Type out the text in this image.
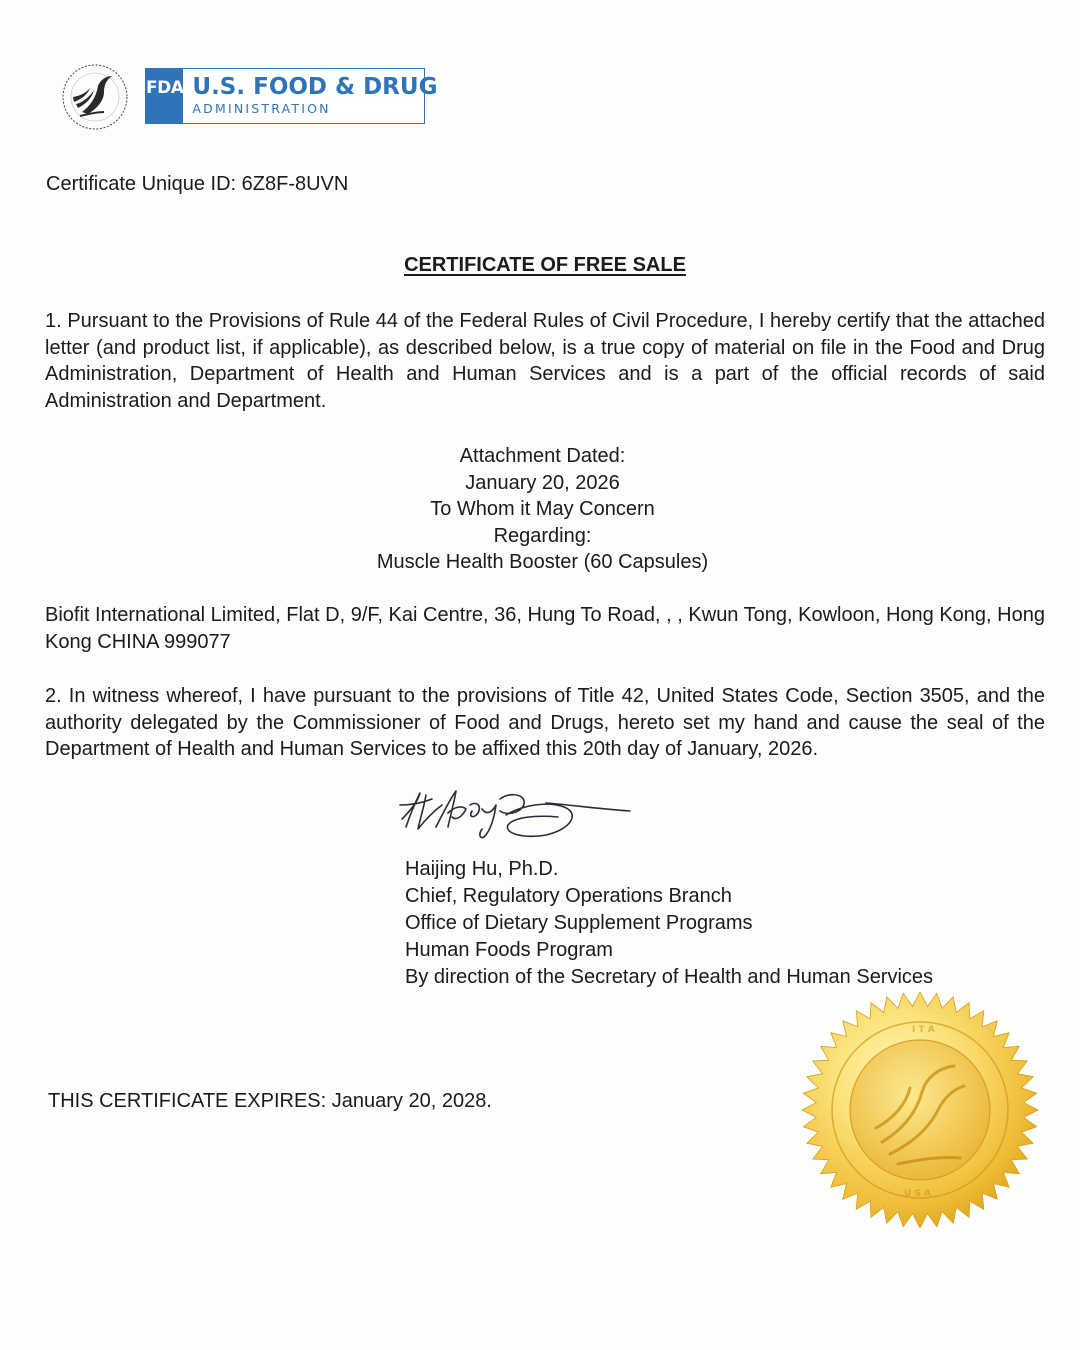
FDA U.S. FOOD & DRUG
ADMINISTRATION
Certificate Unique ID: 6Z8F-8UVN
CERTIFICATE OF FREE SALE
1. Pursuant to the Provisions of Rule 44 of the Federal Rules of Civil Procedure, I hereby certify that the attached letter (and product list, if applicable), as described below, is a true copy of material on file in the Food and Drug Administration, Department of Health and Human Services and is a part of the official records of said Administration and Department.
Attachment Dated:
January 20, 2026
To Whom it May Concern
Regarding:
Muscle Health Booster (60 Capsules)
Biofit International Limited, Flat D, 9/F, Kai Centre, 36, Hung To Road, , , Kwun Tong, Kowloon, Hong Kong, Hong Kong CHINA 999077
2. In witness whereof, I have pursuant to the provisions of Title 42, United States Code, Section 3505, and the authority delegated by the Commissioner of Food and Drugs, hereto set my hand and cause the seal of the Department of Health and Human Services to be affixed this 20th day of January, 2026.
Haijing Hu, Ph.D.
Chief, Regulatory Operations Branch
Office of Dietary Supplement Programs
Human Foods Program
By direction of the Secretary of Health and Human Services
THIS CERTIFICATE EXPIRES: January 20, 2028.
I T A
U S A
